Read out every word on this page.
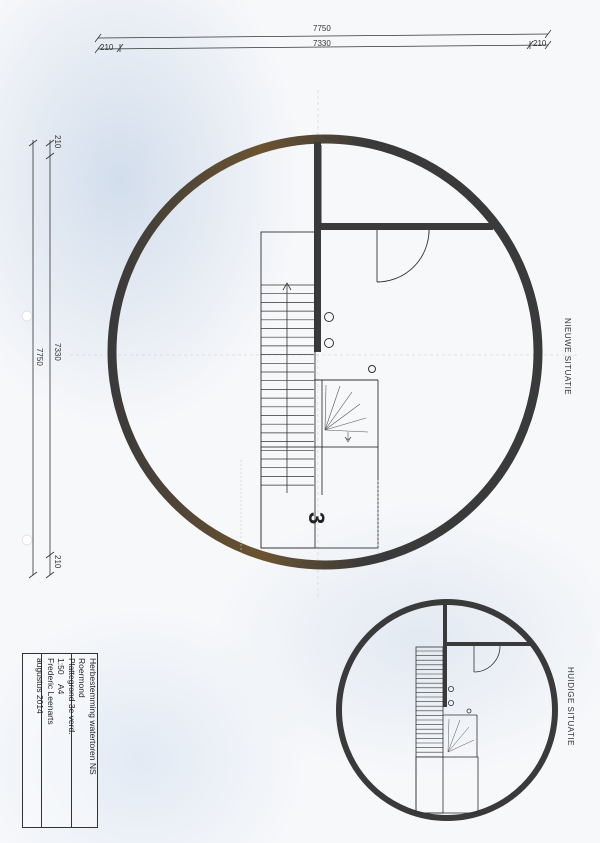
7750
7330
210	210
7750 7330
210
210
3
NIEUWE SITUATIE
HUIDIGE SITUATIE
Herbestemming watertoren NS
Roermond
Plattegrond 3e verd.
1:50    A4
Frederic Leenarts
augustus 2014
